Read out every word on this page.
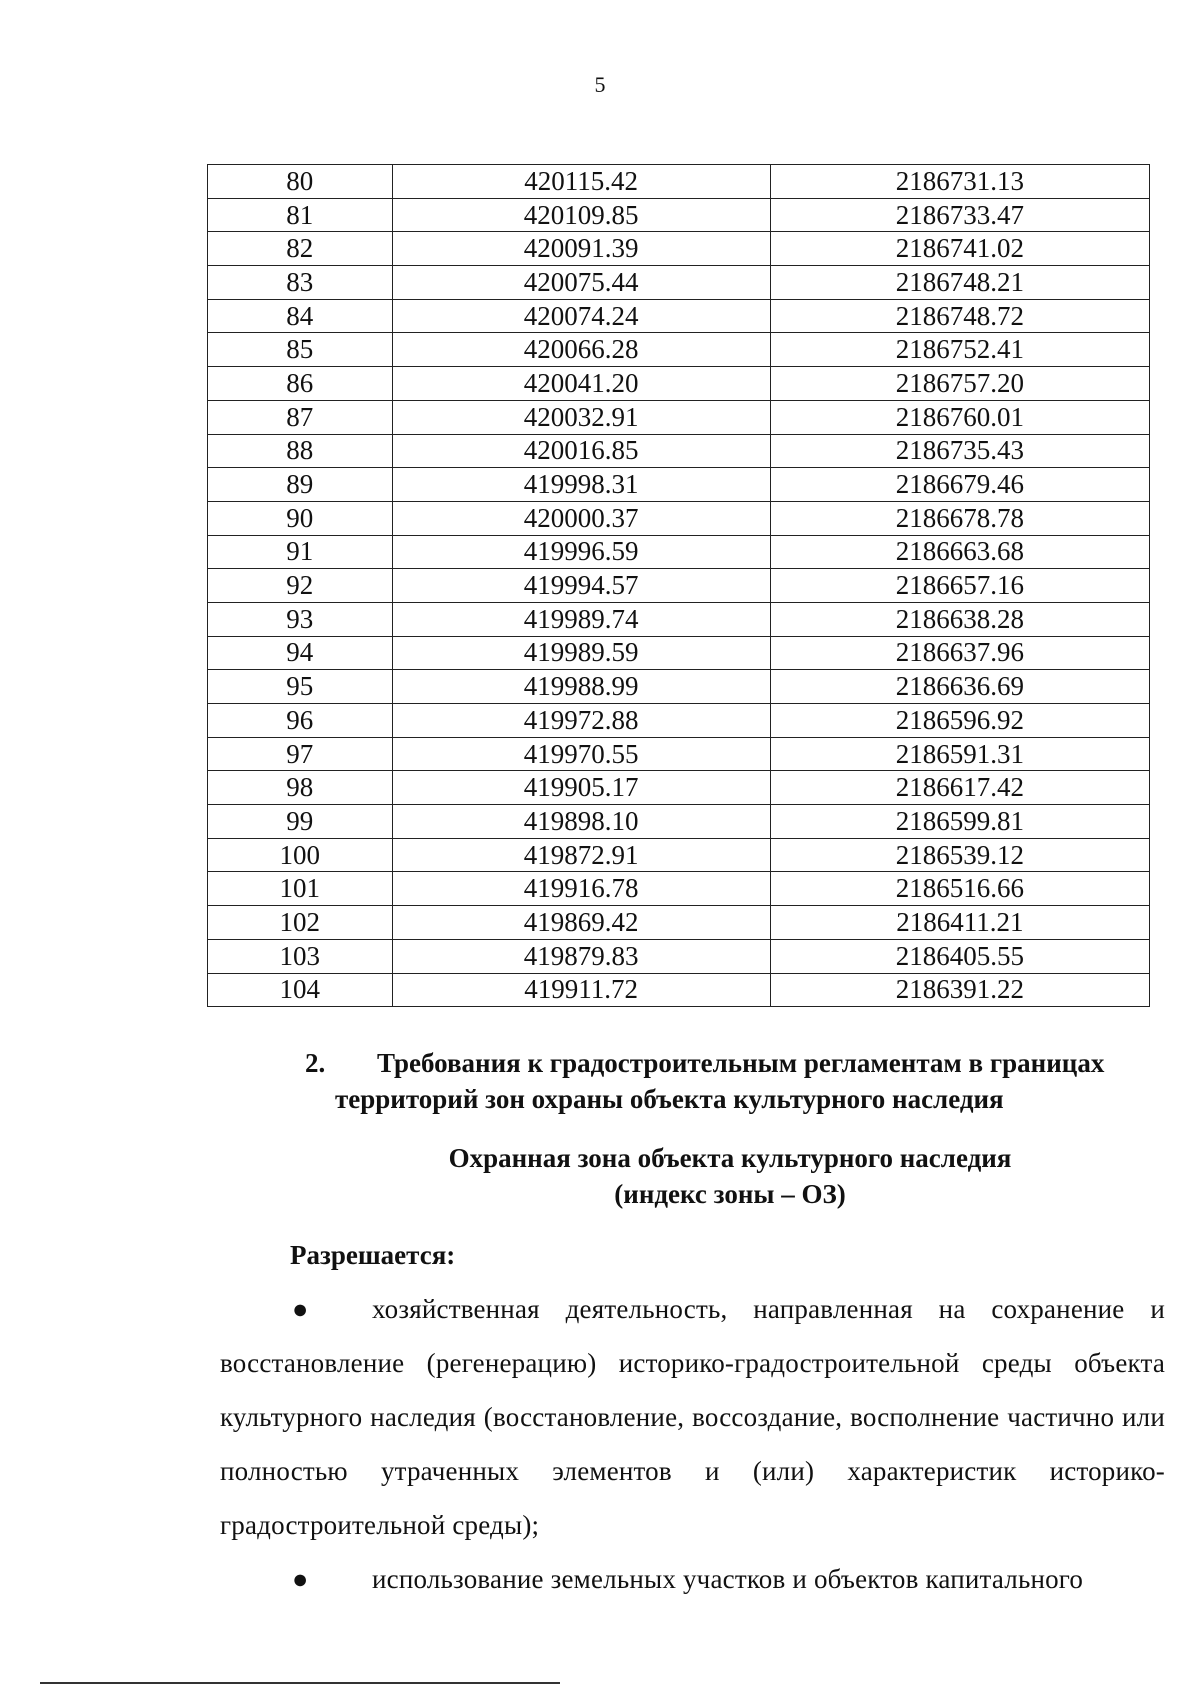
5
80	420115.42	2186731.13
81	420109.85	2186733.47
82	420091.39	2186741.02
83	420075.44	2186748.21
84	420074.24	2186748.72
85	420066.28	2186752.41
86	420041.20	2186757.20
87	420032.91	2186760.01
88	420016.85	2186735.43
89	419998.31	2186679.46
90	420000.37	2186678.78
91	419996.59	2186663.68
92	419994.57	2186657.16
93	419989.74	2186638.28
94	419989.59	2186637.96
95	419988.99	2186636.69
96	419972.88	2186596.92
97	419970.55	2186591.31
98	419905.17	2186617.42
99	419898.10	2186599.81
100	419872.91	2186539.12
101	419916.78	2186516.66
102	419869.42	2186411.21
103	419879.83	2186405.55
104	419911.72	2186391.22
2. Требования к градостроительным регламентам в границах
территорий зон охраны объекта культурного наследия
Охранная зона объекта культурного наследия
(индекс зоны – ОЗ)
Разрешается:
● хозяйственная деятельность, направленная на сохранение и восстановление (регенерацию) историко-градостроительной среды объекта культурного наследия (восстановление, воссоздание, восполнение частично или полностью утраченных элементов и (или) характеристик историко-градостроительной среды);
● использование земельных участков и объектов капитального
